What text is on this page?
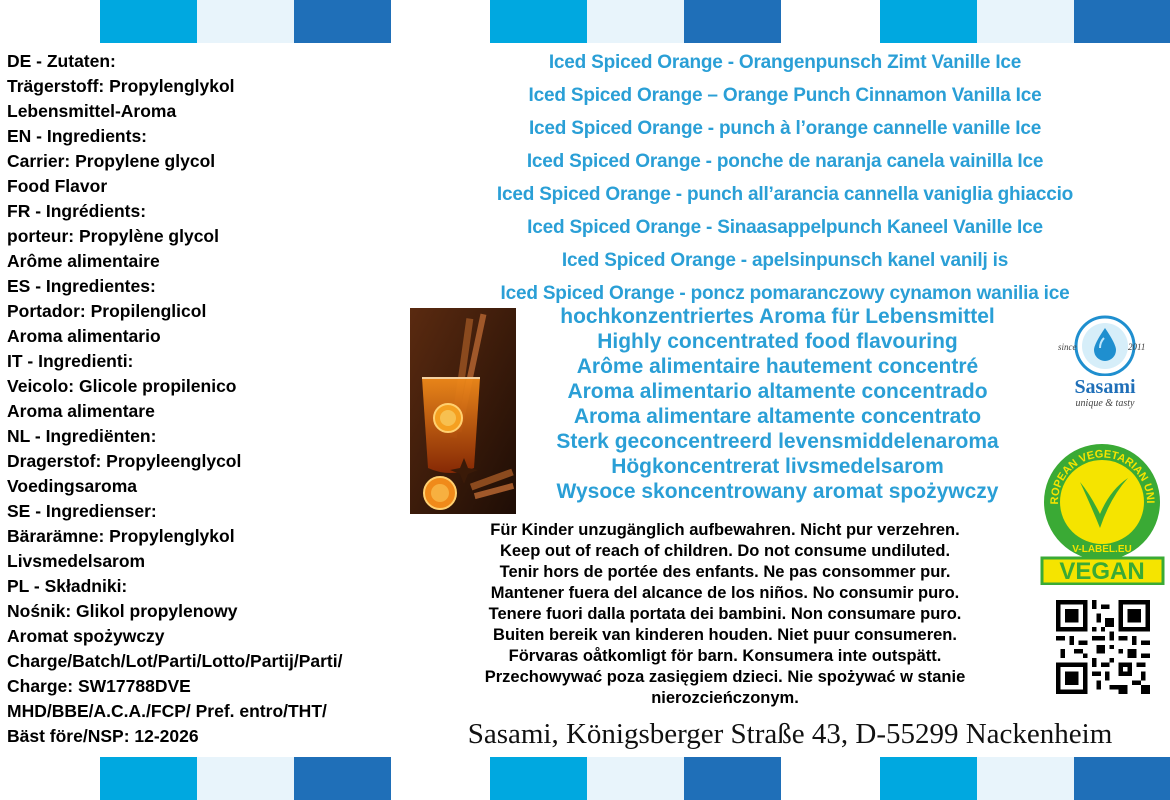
DE - Zutaten:
Trägerstoff: Propylenglykol
Lebensmittel-Aroma
EN - Ingredients:
Carrier: Propylene glycol
Food Flavor
FR - Ingrédients:
porteur: Propylène glycol
Arôme alimentaire
ES - Ingredientes:
Portador: Propilenglicol
Aroma alimentario
IT - Ingredienti:
Veicolo: Glicole propilenico
Aroma alimentare
NL - Ingrediënten:
Dragerstof: Propyleenglycol
Voedingsaroma
SE - Ingredienser:
Bärarämne: Propylenglykol
Livsmedelsarom
PL - Składniki:
Nośnik: Glikol propylenowy
Aromat spożywczy
Charge/Batch/Lot/Parti/Lotto/Partij/Parti/
Charge: SW17788DVE
MHD/BBE/A.C.A./FCP/ Pref. entro/THT/
Bäst före/NSP: 12-2026
Iced Spiced Orange - Orangenpunsch Zimt Vanille Ice
Iced Spiced Orange – Orange Punch Cinnamon Vanilla Ice
Iced Spiced Orange - punch à l’orange cannelle vanille Ice
Iced Spiced Orange - ponche de naranja canela vainilla Ice
Iced Spiced Orange - punch all’arancia cannella vaniglia ghiaccio
Iced Spiced Orange - Sinaasappelpunch Kaneel Vanille Ice
Iced Spiced Orange - apelsinpunsch kanel vanilj is
Iced Spiced Orange - poncz pomaranczowy cynamon wanilia ice
hochkonzentriertes Aroma für Lebensmittel
Highly concentrated food flavouring
Arôme alimentaire hautement concentré
Aroma alimentario altamente concentrado
Aroma alimentare altamente concentrato
Sterk geconcentreerd levensmiddelenaroma
Högkoncentrerat livsmedelsarom
Wysoce skoncentrowany aromat spożywczy
Für Kinder unzugänglich aufbewahren. Nicht pur verzehren.
Keep out of reach of children. Do not consume undiluted.
Tenir hors de portée des enfants. Ne pas consommer pur.
Mantener fuera del alcance de los niños. No consumir puro.
Tenere fuori dalla portata dei bambini. Non consumare puro.
Buiten bereik van kinderen houden. Niet puur consumeren.
Förvaras oåtkomligt för barn. Konsumera inte outspätt.
Przechowywać poza zasięgiem dzieci. Nie spożywać w stanie
nierozcieńczonym.
Sasami, Königsberger Straße 43, D-55299 Nackenheim
since	2011
Sasami
unique & tasty
ROPEAN VEGETARIAN UNI
V-LABEL.EU
VEGAN
